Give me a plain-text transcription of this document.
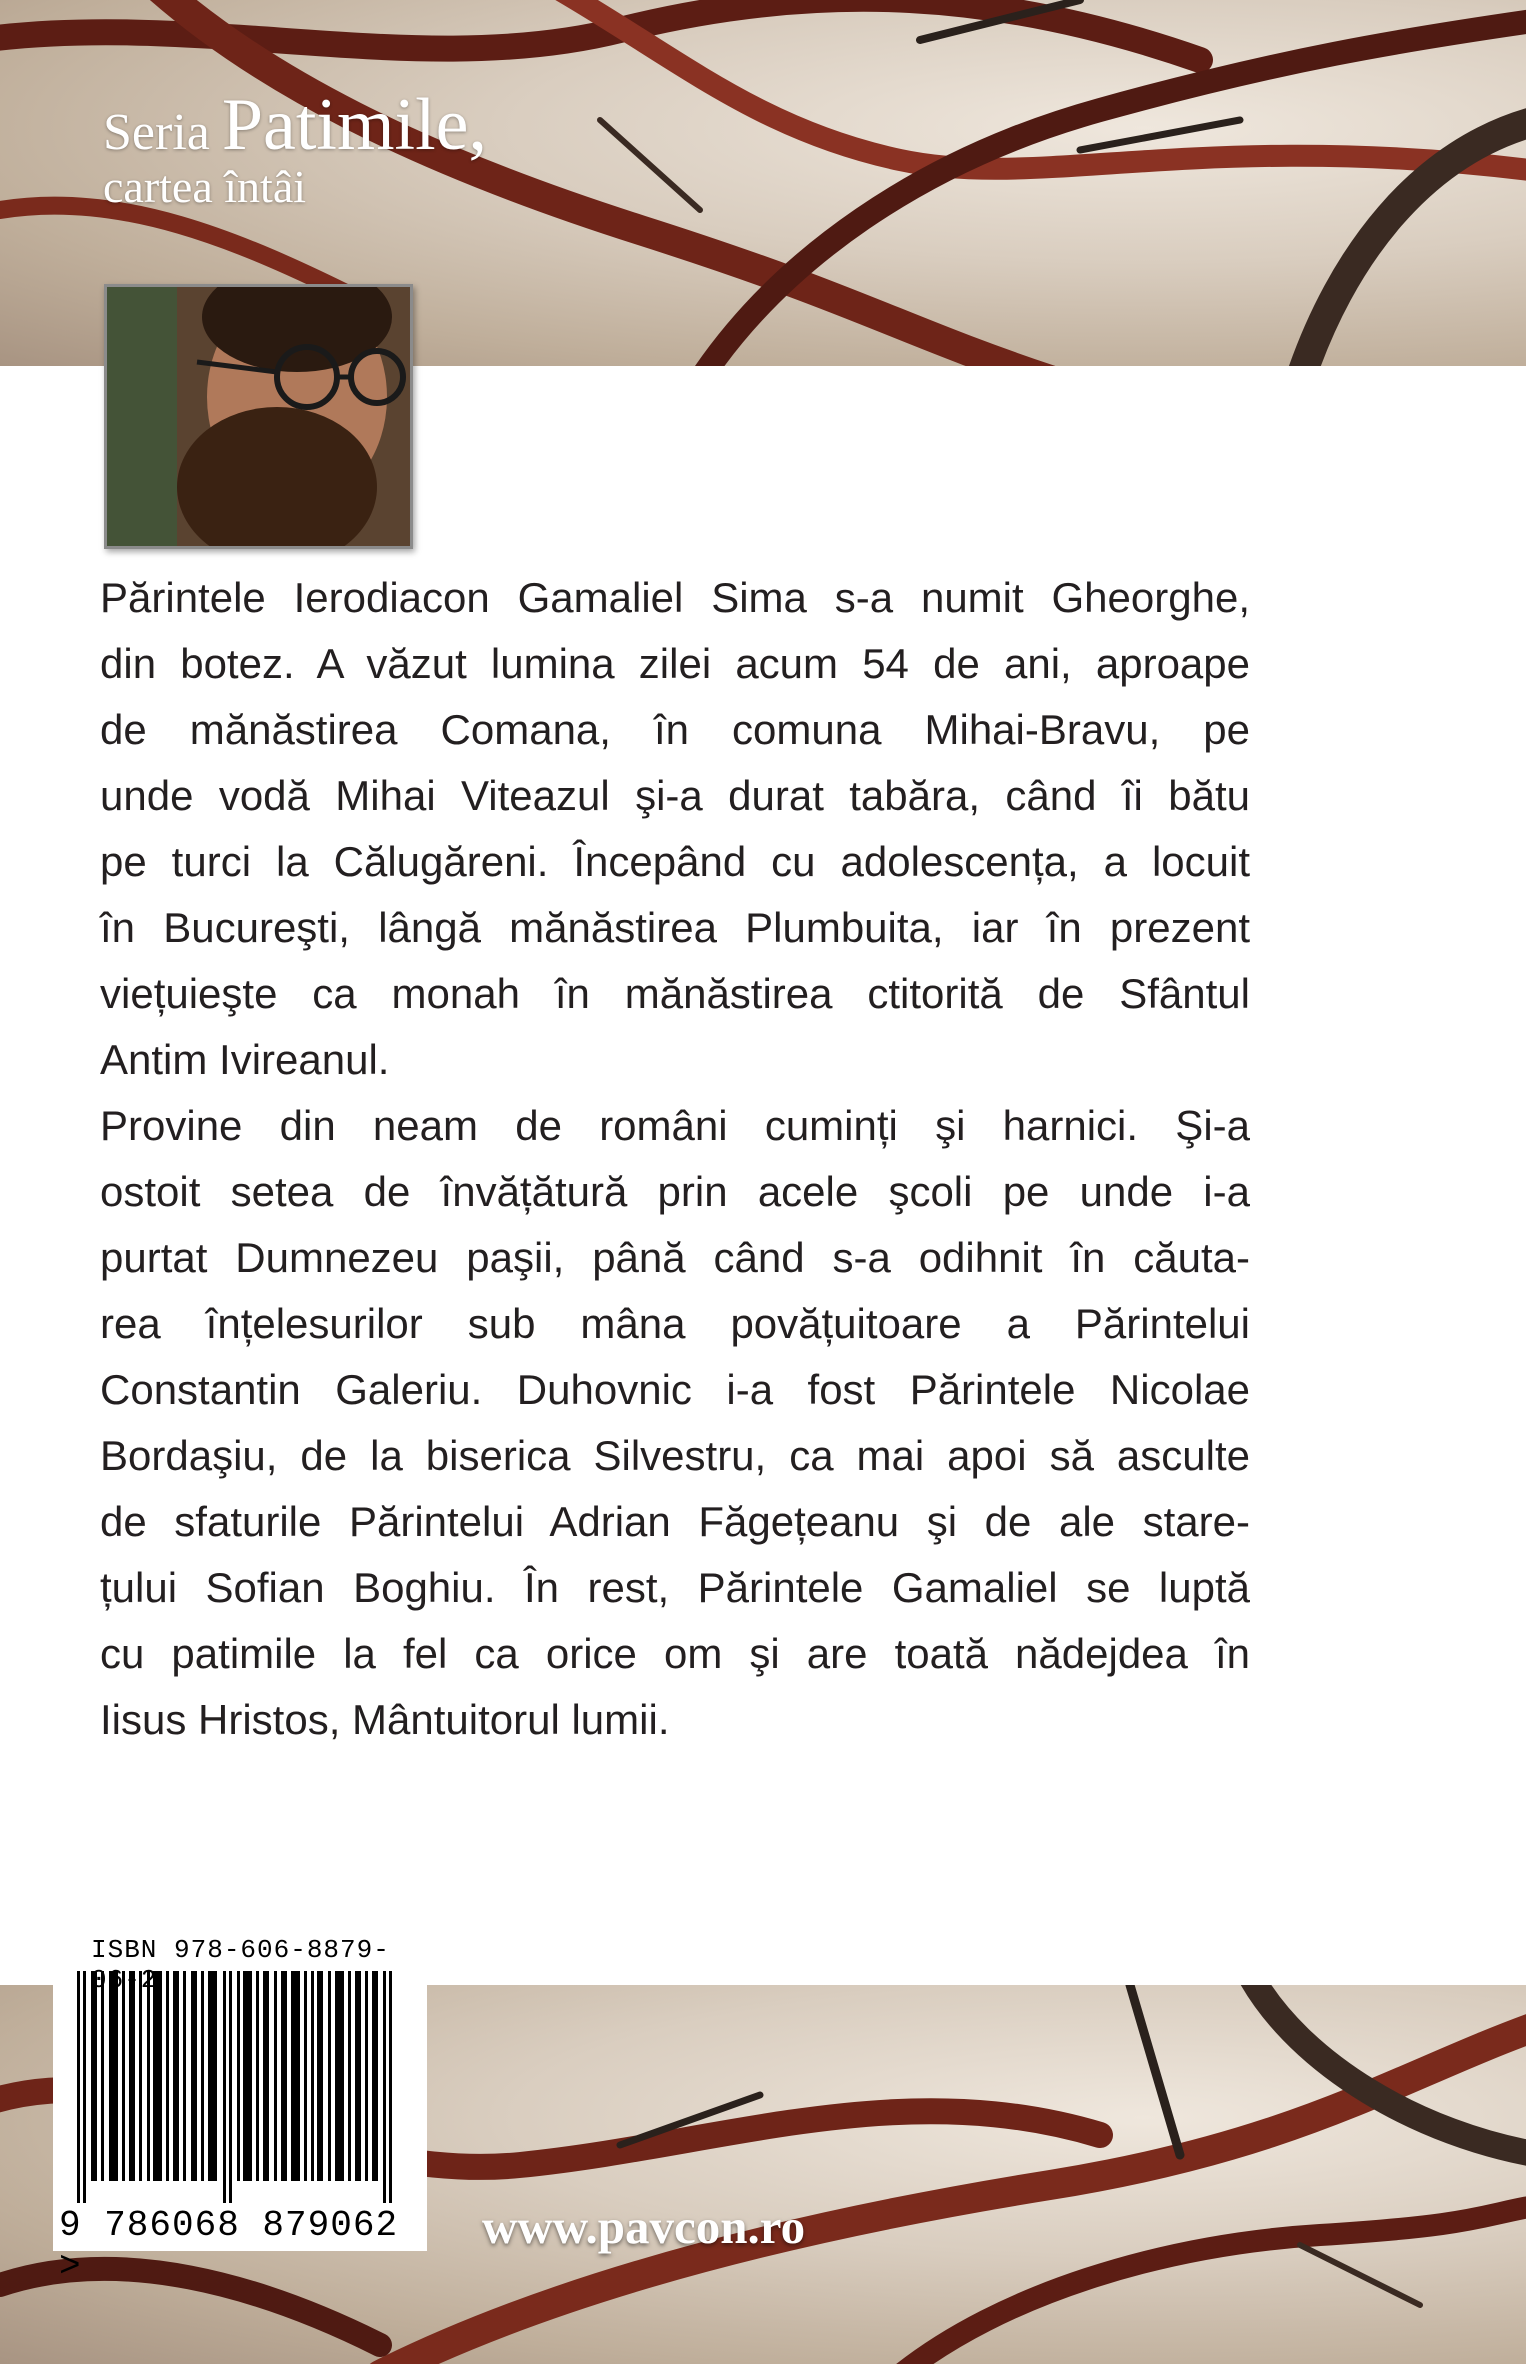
Seria Patimile,
cartea întâi
Părintele Ierodiacon Gamaliel Sima s-a numit Gheorghe,
din botez. A văzut lumina zilei acum 54 de ani, aproape
de mănăstirea Comana, în comuna Mihai-Bravu, pe
unde vodă Mihai Viteazul şi-a durat tabăra, când îi bătu
pe turci la Călugăreni. Începând cu adolescența, a locuit
în Bucureşti, lângă mănăstirea Plumbuita, iar în prezent
viețuieşte ca monah în mănăstirea ctitorită de Sfântul
Antim Ivireanul.
Provine din neam de români cuminți şi harnici. Şi-a
ostoit setea de învățătură prin acele şcoli pe unde i-a
purtat Dumnezeu paşii, până când s-a odihnit în căuta-
rea înțelesurilor sub mâna povățuitoare a Părintelui
Constantin Galeriu. Duhovnic i-a fost Părintele Nicolae
Bordaşiu, de la biserica Silvestru, ca mai apoi să asculte
de sfaturile Părintelui Adrian Făgețeanu şi de ale stare-
țului Sofian Boghiu. În rest, Părintele Gamaliel se luptă
cu patimile la fel ca orice om şi are toată nădejdea în
Iisus Hristos, Mântuitorul lumii.
ISBN 978-606-8879-0 -2
9 786068 879062 >
www.pavcon.ro
